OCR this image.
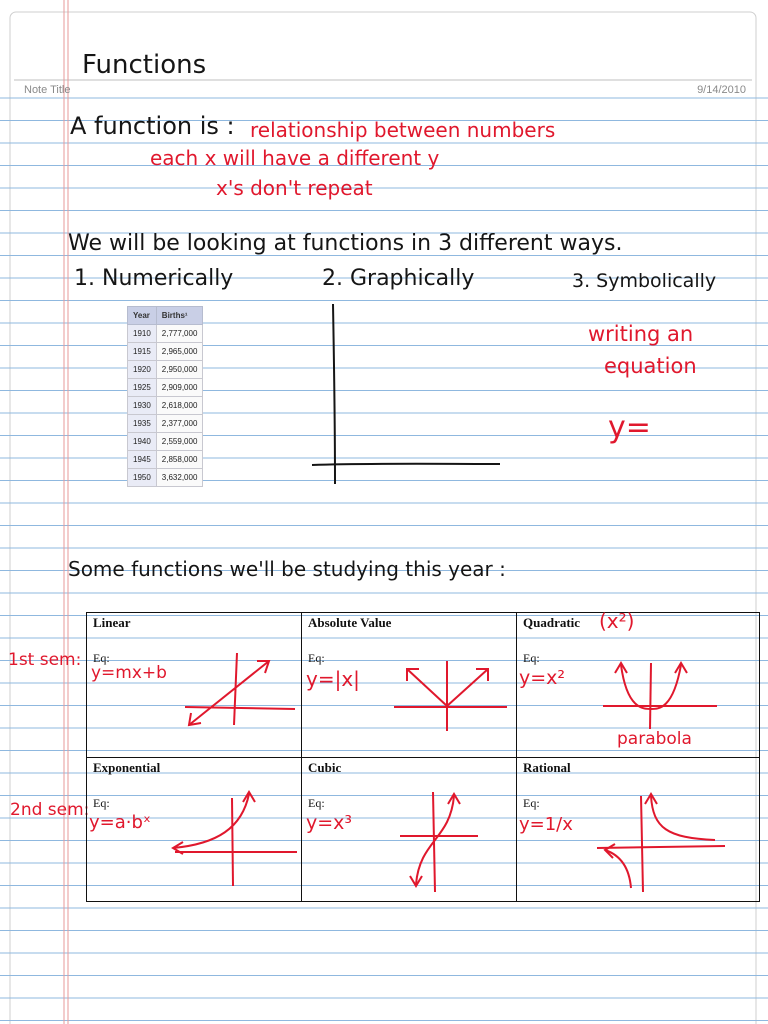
Functions
Note Title	9/14/2010
A function is : relationship between numbers
each x will have a different y
x's don't repeat
We will be looking at functions in 3 different ways.
1. Numerically	2. Graphically	3. Symbolically
Year	Births¹
1910	2,777,000
1915	2,965,000
1920	2,950,000
1925	2,909,000
1930	2,618,000
1935	2,377,000
1940	2,559,000
1945	2,858,000
1950	3,632,000
writing an
equation
y=
Some functions we'll be studying this year :
1st sem:
2nd sem:
Linear
Eq:
y=mx+b
Absolute Value
Eq:
y=|x|
Quadratic (x²)
Eq:
y=x²
parabola
Exponential
Eq:
y=a·bˣ
Cubic
Eq:
y=x³
Rational
Eq:
y=1/x
